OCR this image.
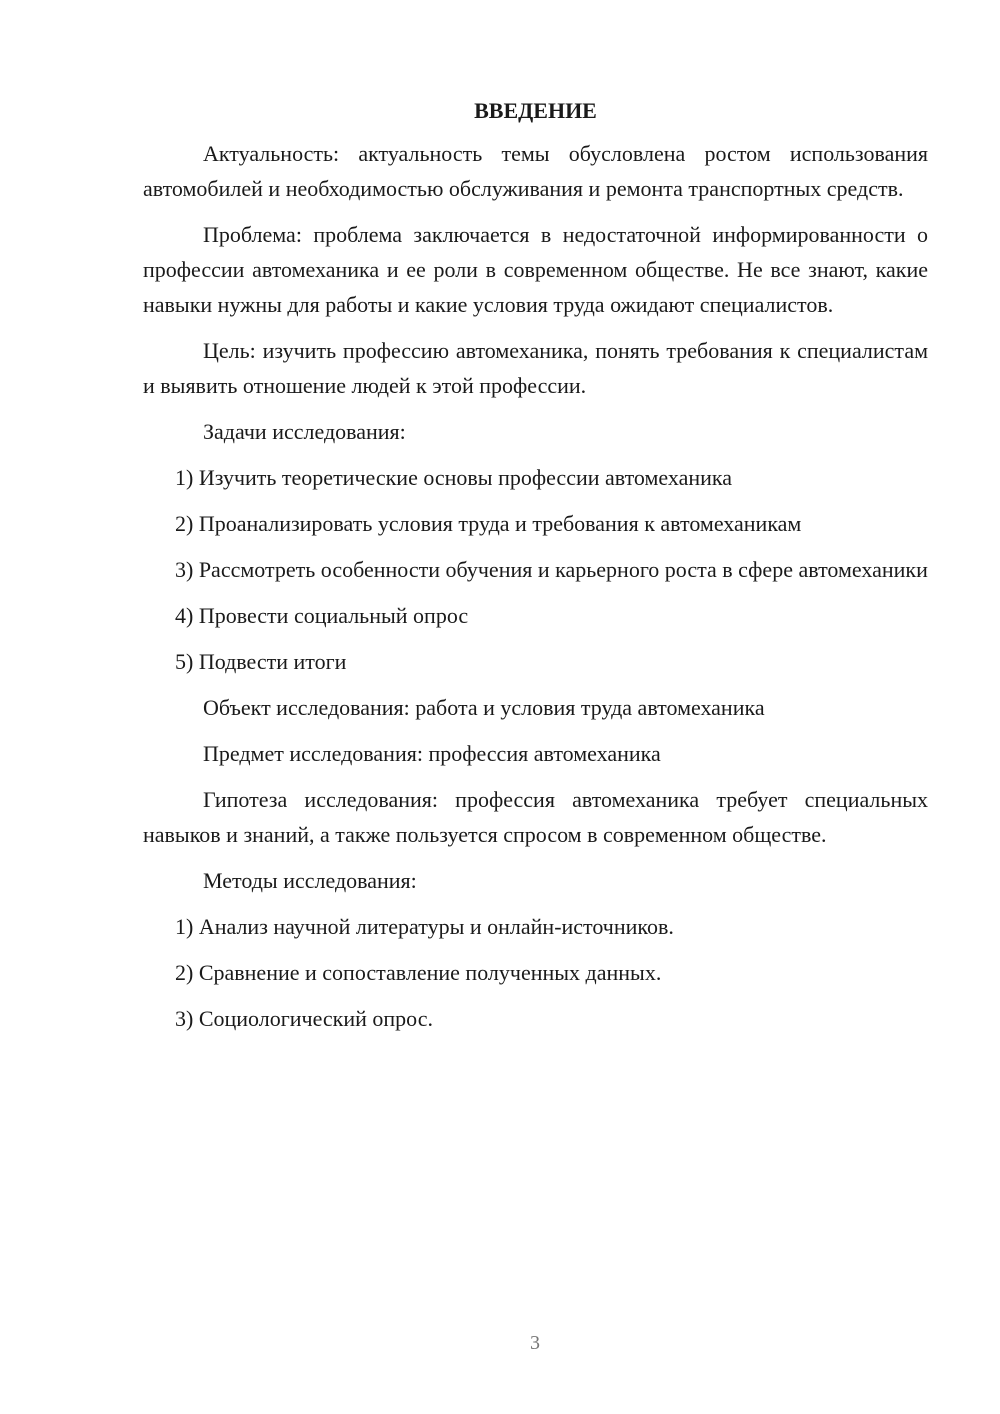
ВВЕДЕНИЕ

Актуальность: актуальность темы обусловлена ростом использования автомобилей и необходимостью обслуживания и ремонта транспортных средств.

Проблема: проблема заключается в недостаточной информированности о профессии автомеханика и ее роли в современном обществе. Не все знают, какие навыки нужны для работы и какие условия труда ожидают специалистов.

Цель: изучить профессию автомеханика, понять требования к специалистам и выявить отношение людей к этой профессии.

Задачи исследования:

1) Изучить теоретические основы профессии автомеханика

2) Проанализировать условия труда и требования к автомеханикам

3) Рассмотреть особенности обучения и карьерного роста в сфере автомеханики

4) Провести социальный опрос

5) Подвести итоги

Объект исследования: работа и условия труда автомеханика

Предмет исследования: профессия автомеханика

Гипотеза исследования: профессия автомеханика требует специальных навыков и знаний, а также пользуется спросом в современном обществе.

Методы исследования:

1) Анализ научной литературы и онлайн-источников.

2) Сравнение и сопоставление полученных данных.

3) Социологический опрос.

3
